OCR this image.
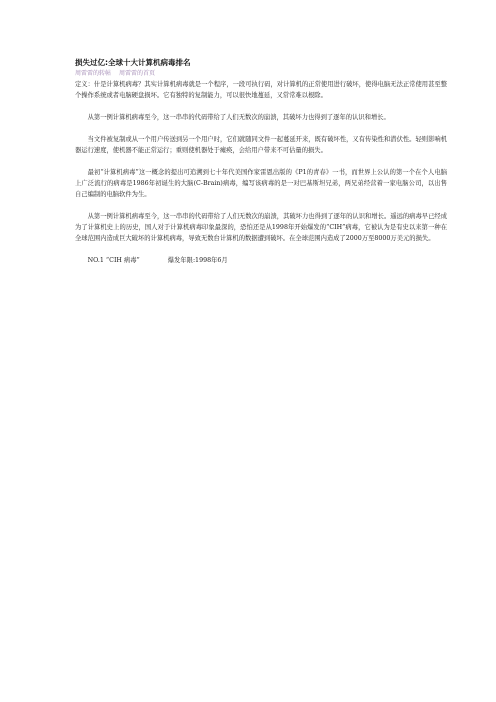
损失过亿:全球十大计算机病毒排名
周雷雷的转帖 周雷雷的首页

定义：什是计算机病毒？其实计算机病毒就是一个程序，一段可执行码，对计算机的正常使用进行破坏，使得电脑无法正常使用甚至整个操作系统或者电脑硬盘损坏。它有独特的复制能力，可以很快地蔓延，又常常难以根除。

从第一例计算机病毒至今，这一串串的代码带给了人们无数次的崩溃，其破坏力也得到了逐年的认识和增长。

当文件被复制或从一个用户传送到另一个用户时，它们就随同文件一起蔓延开来，既有破坏性，又有传染性和潜伏性。轻则影响机器运行速度，使机器不能正常运行；重则使机器处于瘫痪，会给用户带来不可估量的损失。

最初“计算机病毒”这一概念的提出可追溯到七十年代美国作家雷恩出版的《P1的青春》一书，而世界上公认的第一个在个人电脑上广泛流行的病毒是1986年初诞生的大脑(C-Brain)病毒，编写该病毒的是一对巴基斯坦兄弟，两兄弟经营着一家电脑公司，以出售自己编制的电脑软件为生。

从第一例计算机病毒至今，这一串串的代码带给了人们无数次的崩溃，其破坏力也得到了逐年的认识和增长。遥远的病毒早已经成为了计算机史上的历史，国人对于计算机病毒印象最深的，恐怕还是从1998年开始爆发的“CIH”病毒，它被认为是有史以来第一种在全球范围内造成巨大破坏的计算机病毒，导致无数台计算机的数据遭到破坏。在全球范围内造成了2000万至8000万美元的损失。

NO.1 “CIH 病毒”	爆发年限:1998年6月
